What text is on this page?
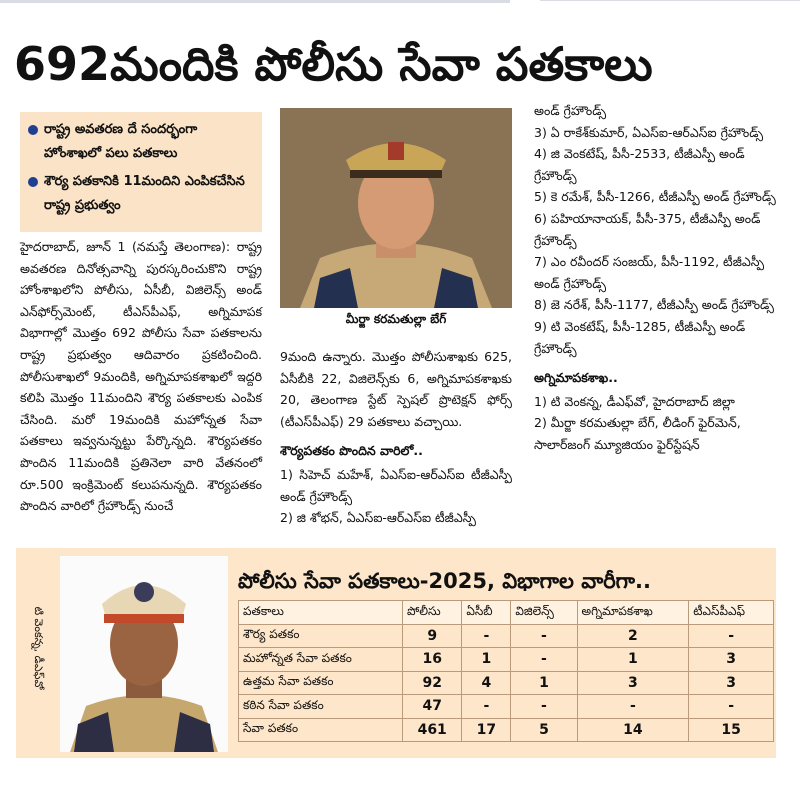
692మందికి పోలీసు సేవా పతకాలు
రాష్ట్ర అవతరణ దే సందర్భంగా హోంశాఖలో పలు పతకాలు
శౌర్య పతకానికి 11మందిని ఎంపికచేసిన రాష్ట్ర ప్రభుత్వం

హైదరాబాద్, జూన్ 1 (నమస్తే తెలంగాణ): రాష్ట్ర అవతరణ దినోత్సవాన్ని పురస్కరించుకొని రాష్ట్ర హోంశాఖలోని పోలీసు, ఏసీబీ, విజిలెన్స్ అండ్ ఎన్‌ఫోర్స్‌మెంట్, టీఎస్‌పీఎఫ్, అగ్నిమాపక విభాగాల్లో మొత్తం 692 పోలీసు సేవా పతకాలను రాష్ట్ర ప్రభుత్వం ఆదివారం ప్రకటించింది. పోలీసుశాఖలో 9మందికి, అగ్నిమాపకశాఖలో ఇద్దరి కలిపి మొత్తం 11మందిని శౌర్య పతకాలకు ఎంపిక చేసింది. మరో 19మందికి మహోన్నత సేవా పతకాలు ఇవ్వనున్నట్టు పేర్కొన్నది. శౌర్యపతకం పొందిన 11మందికి ప్రతినెలా వారి వేతనంలో రూ.500 ఇంక్రిమెంట్ కలుపనున్నది. శౌర్యపతకం పొందిన వారిలో గ్రేహౌండ్స్ నుంచే

మీర్జా కరమతుల్లా బేగ్

9మంది ఉన్నారు. మొత్తం పోలీసుశాఖకు 625, ఏసీబీకి 22, విజిలెన్స్‌కు 6, అగ్నిమాపకశాఖకు 20, తెలంగాణ స్టేట్ స్పెషల్ ప్రొటెక్షన్ ఫోర్స్ (టీఎస్‌పీఎఫ్) 29 పతకాలు వచ్చాయి.

శౌర్యపతకం పొందిన వారిలో..

1) సిహెచ్ మహేశ్, ఏఎస్‌ఐ-ఆర్ఎస్ఐ టీజీఎస్పీ అండ్ గ్రేహౌండ్స్

2) జి శోభన్, ఏఎస్‌ఐ-ఆర్ఎస్ఐ టీజీఎస్పీ

అండ్ గ్రేహౌండ్స్

3) ఏ రాకేశ్‌కుమార్, ఏఎస్‌ఐ-ఆర్ఎస్ఐ గ్రేహౌండ్స్

4) జి వెంకటేష్, పీసీ-2533, టీజీఎస్పీ అండ్ గ్రేహౌండ్స్

5) కె రమేశ్, పీసీ-1266, టీజీఎస్పీ అండ్ గ్రేహౌండ్స్

6) పహియానాయక్, పీసీ-375, టీజీఎస్పీ అండ్ గ్రేహౌండ్స్

7) ఎం రవీందర్ సంజయ్, పీసీ-1192, టీజీఎస్పీ అండ్ గ్రేహౌండ్స్

8) జె నరేశ్, పీసీ-1177, టీజీఎస్పీ అండ్ గ్రేహౌండ్స్

9) టి వెంకటేష్, పీసీ-1285, టీజీఎస్పీ అండ్ గ్రేహౌండ్స్

అగ్నిమాపకశాఖ..

1) టి వెంకన్న, డీఎఫ్‌వో, హైదరాబాద్ జిల్లా

2) మీర్జా కరమతుల్లా బేగ్, లీడింగ్ ఫైర్‌మెన్, సాలార్‌జంగ్ మ్యూజియం ఫైర్‌స్టేషన్

టి వెంకన్న, డీఎఫ్‌వో
పోలీసు సేవా పతకాలు-2025, విభాగాల వారీగా..
పతకాలు	పోలీసు	ఏసీబీ	విజిలెన్స్	అగ్నిమాపకశాఖ	టీఎస్‌పీఎఫ్
శౌర్య పతకం	9	-	-	2	-
మహోన్నత సేవా పతకం	16	1	-	1	3
ఉత్తమ సేవా పతకం	92	4	1	3	3
కఠిన సేవా పతకం	47	-	-	-	-
సేవా పతకం	461	17	5	14	15
